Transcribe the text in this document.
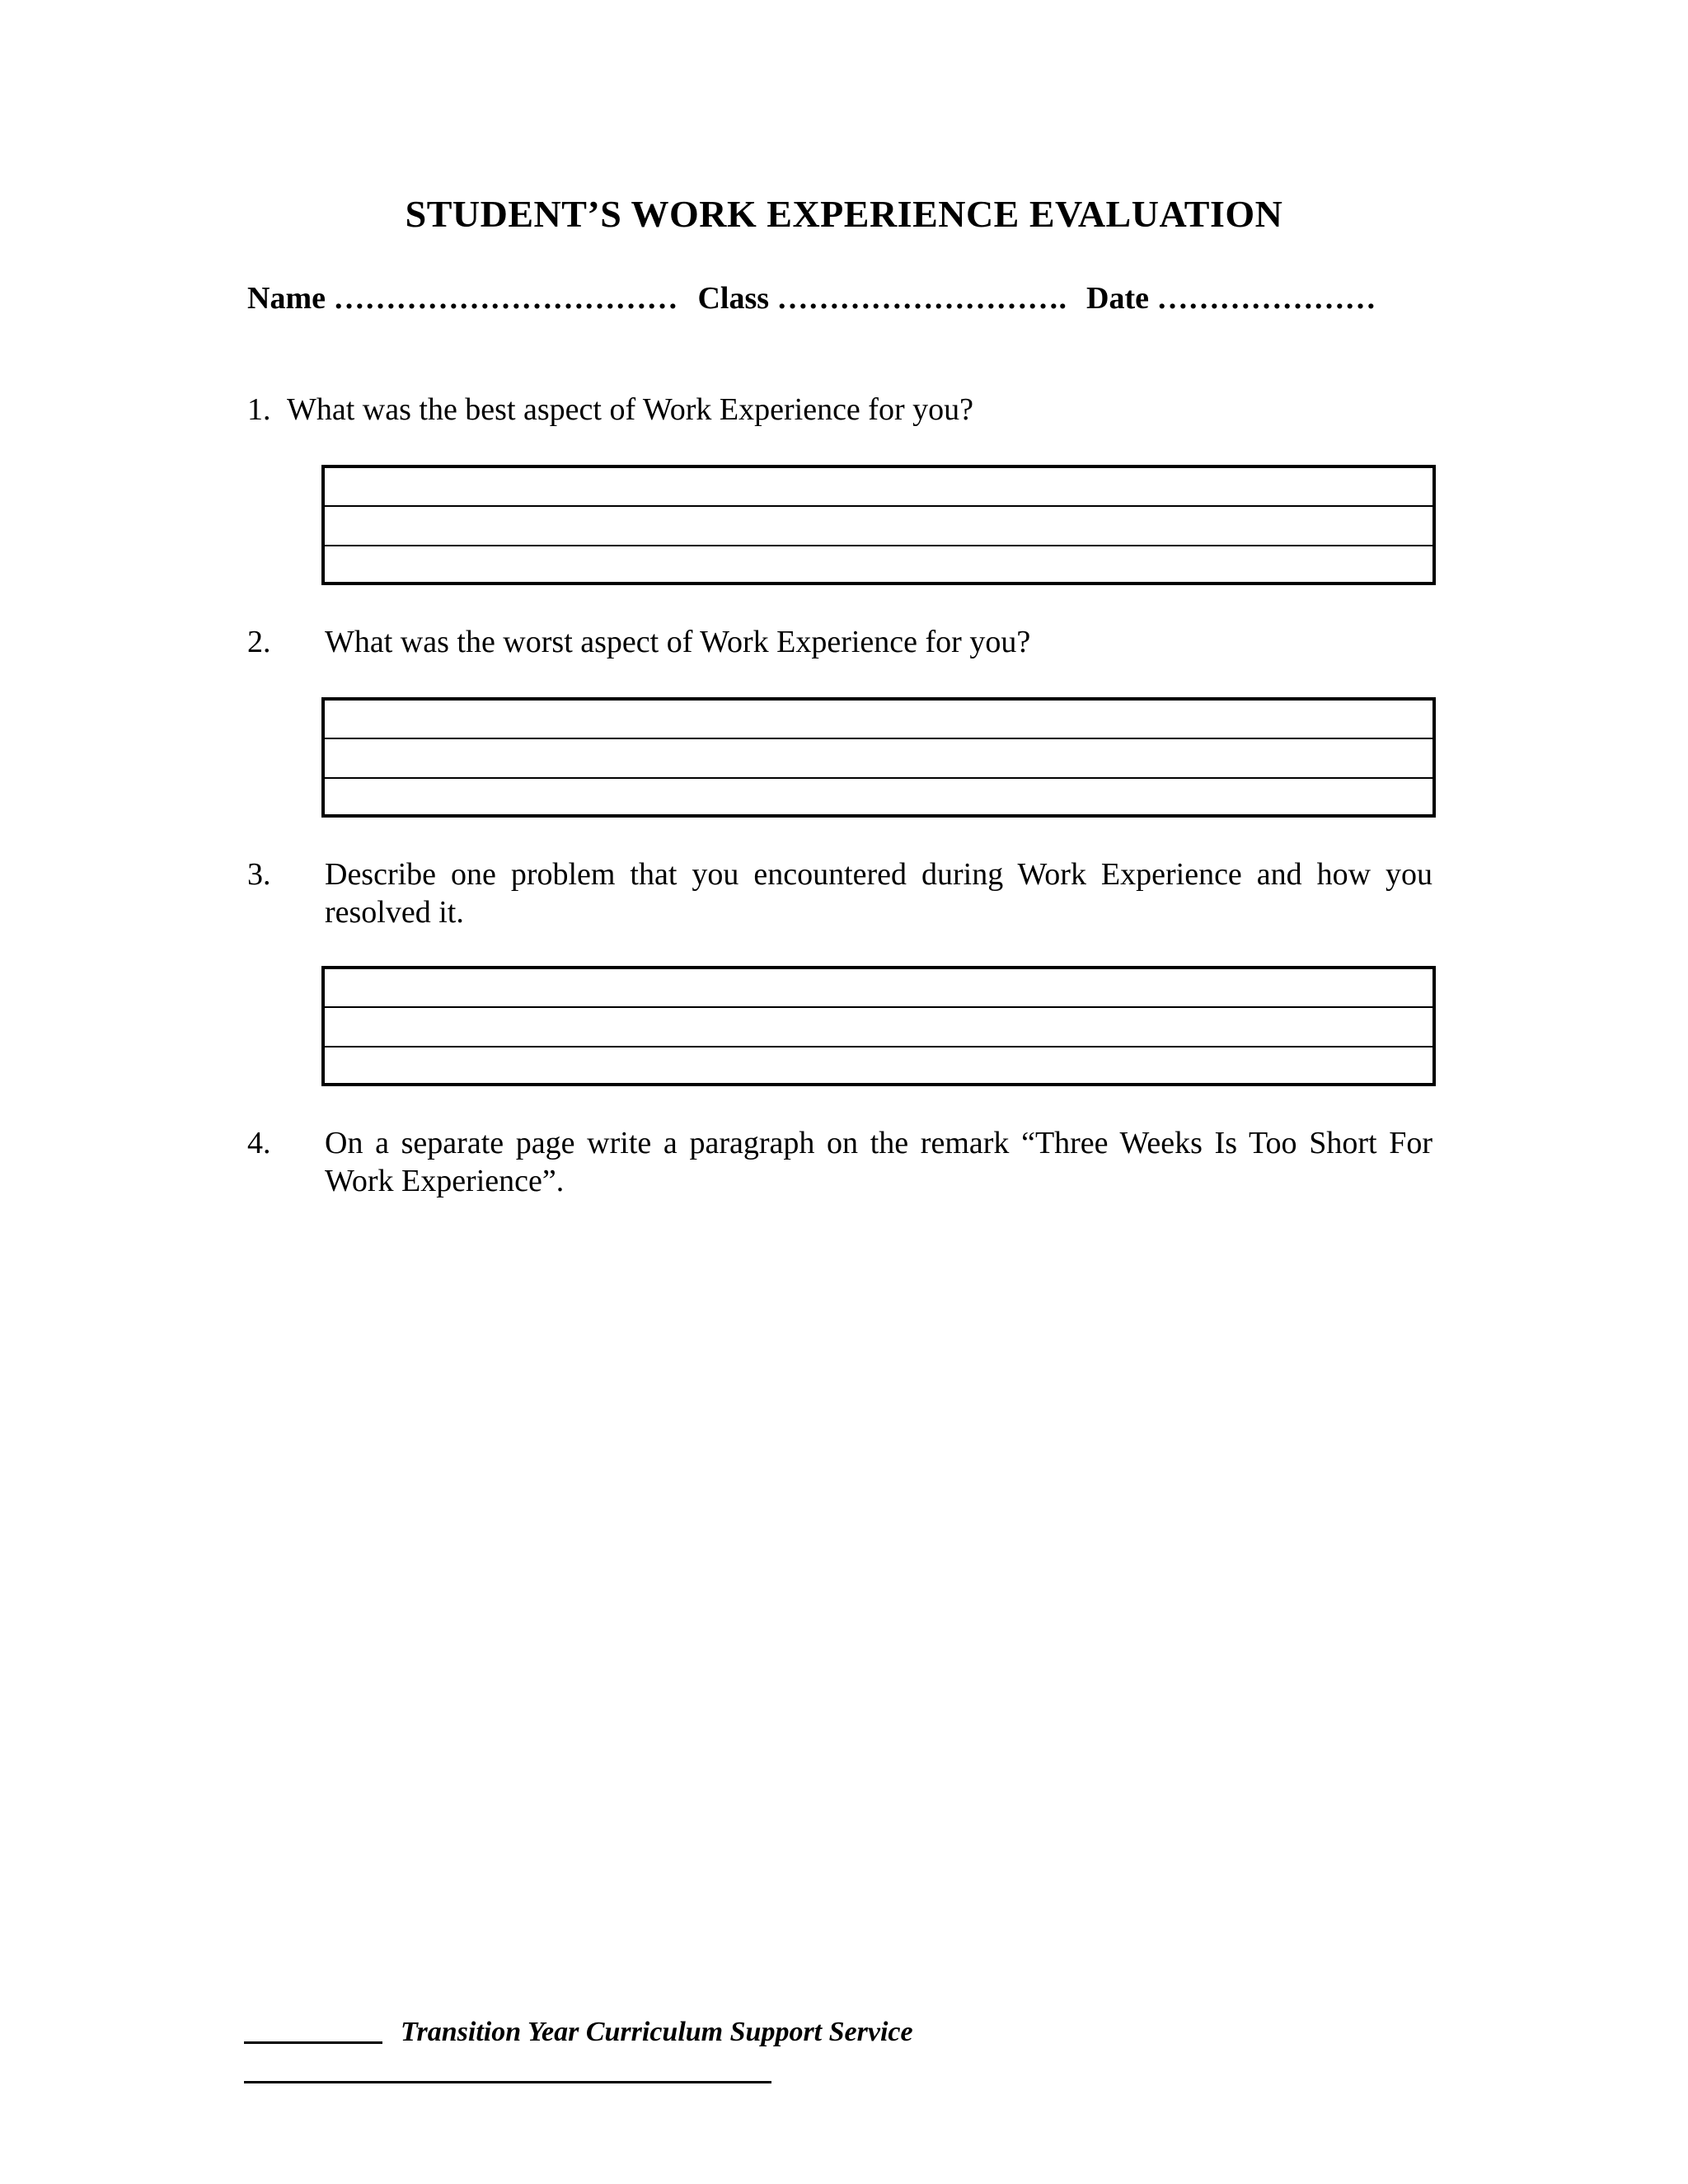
STUDENT’S WORK EXPERIENCE EVALUATION
Name ……………………………Class ……………………….Date …………………
1. What was the best aspect of Work Experience for you?
2. What was the worst aspect of Work Experience for you?
3. Describe one problem that you encountered during Work Experience and how you resolved it.
4. On a separate page write a paragraph on the remark “Three Weeks Is Too Short For Work Experience”.
Transition Year Curriculum Support Service
